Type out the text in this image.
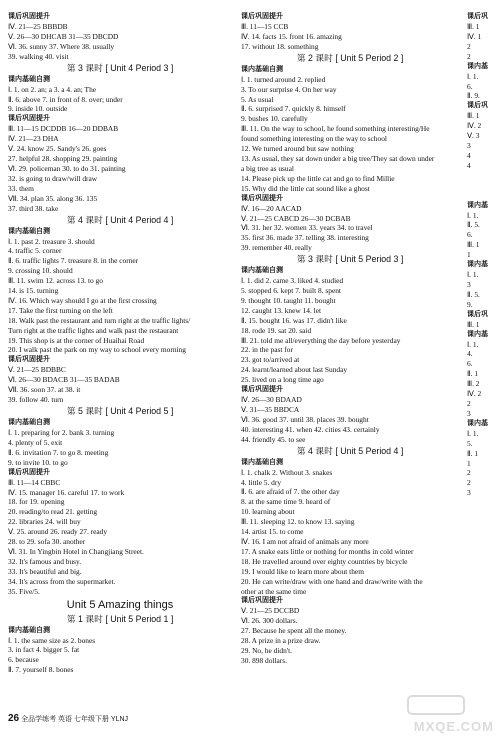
课后巩固提升
Ⅳ. 21—25 BBBDB
Ⅴ. 26—30 DHCAB 31—35 DBCDD
Ⅵ. 36. sunny 37. Where 38. usually
39. walking 40. visit
第 3 课时 [ Unit 4 Period 3 ]
课内基础自测
Ⅰ. 1. on 2. an; a 3. a 4. an; The
Ⅱ. 6. above 7. in front of 8. over; under
9. inside 10. outside
课后巩固提升
Ⅲ. 11—15 DCDDB 16—20 DDBAB
Ⅳ. 21—23 DHA
Ⅴ. 24. know 25. Sandy's 26. goes
27. helpful 28. shopping 29. painting
Ⅵ. 29. policeman 30. to do 31. painting
32. is going to draw/will draw
33. them
Ⅶ. 34. plan 35. along 36. 135
37. third 38. take
第 4 课时 [ Unit 4 Period 4 ]
课内基础自测
Ⅰ. 1. past 2. treasure 3. should
4. traffic 5. corner
Ⅱ. 6. traffic lights 7. treasure 8. in the corner
9. crossing 10. should
Ⅲ. 11. swim 12. across 13. to go
14. is 15. turning
Ⅳ. 16. Which way should I go at the first crossing
17. Take the first turning on the left
18. Walk past the restaurant and turn right at the traffic lights/
Turn right at the traffic lights and walk past the restaurant
19. This shop is at the corner of Huaihai Road
20. I walk past the park on my way to school every morning
课后巩固提升
Ⅴ. 21—25 BDBBC
Ⅵ. 26—30 BDACB 31—35 BADAB
Ⅶ. 36. soon 37. at 38. it
39. follow 40. turn
第 5 课时 [ Unit 4 Period 5 ]
课内基础自测
Ⅰ. 1. preparing for 2. bank 3. turning
4. plenty of 5. exit
Ⅱ. 6. invitation 7. to go 8. meeting
9. to invite 10. to go
课后巩固提升
Ⅲ. 11—14 CBBC
Ⅳ. 15. manager 16. careful 17. to work
18. for 19. opening
20. reading/to read 21. getting
22. libraries 24. will buy
Ⅴ. 25. around 26. ready 27. ready
28. to 29. sofa 30. another
Ⅵ. 31. In Yingbin Hotel in Changjiang Street.
32. It's famous and busy.
33. It's beautiful and big.
34. It's across from the supermarket.
35. Five/5.
Unit 5 Amazing things
第 1 课时 [ Unit 5 Period 1 ]
课内基础自测
Ⅰ. 1. the same size as 2. bones
3. in fact 4. bigger 5. fat
6. because
Ⅱ. 7. yourself 8. bones
课后巩固提升
Ⅲ. 11—15 CCB
Ⅳ. 14. facts 15. front 16. amazing
17. without 18. something
第 2 课时 [ Unit 5 Period 2 ]
课内基础自测
Ⅰ. 1. turned around 2. replied
3. To our surprise 4. On her way
5. As usual
Ⅱ. 6. surprised 7. quickly 8. himself
9. bushes 10. carefully
Ⅲ. 11. On the way to school, he found something interesting/He
found something interesting on the way to school
12. We turned around but saw nothing
13. As usual, they sat down under a big tree/They sat down under
a big tree as usual
14. Please pick up the little cat and go to find Millie
15. Why did the little cat sound like a ghost
课后巩固提升
Ⅳ. 16—20 AACAD
Ⅴ. 21—25 CABCD 26—30 DCBAB
Ⅵ. 31. her 32. women 33. years 34. to travel
35. first 36. made 37. telling 38. interesting
39. remember 40. really
第 3 课时 [ Unit 5 Period 3 ]
课内基础自测
Ⅰ. 1. did 2. came 3. liked 4. studied
5. stopped 6. kept 7. built 8. spent
9. thought 10. taught 11. bought
12. caught 13. knew 14. let
Ⅱ. 15. bought 16. was 17. didn't like
18. rode 19. sat 20. said
Ⅲ. 21. told me all/everything the day before yesterday
22. in the past for
23. got to/arrived at
24. learnt/learned about last Sunday
25. lived on a long time ago
课后巩固提升
Ⅳ. 26—30 BDAAD
Ⅴ. 31—35 BBDCA
Ⅵ. 36. good 37. until 38. places 39. bought
40. interesting 41. when 42. cities 43. certainly
44. friendly 45. to see
第 4 课时 [ Unit 5 Period 4 ]
课内基础自测
Ⅰ. 1. chalk 2. Without 3. snakes
4. little 5. dry
Ⅱ. 6. are afraid of 7. the other day
8. at the same time 9. heard of
10. learning about
Ⅲ. 11. sleeping 12. to know 13. saying
14. artist 15. to come
Ⅳ. 16. I am not afraid of animals any more
17. A snake eats little or nothing for months in cold winter
18. He travelled around over eighty countries by bicycle
19. I would like to learn more about them
20. He can write/draw with one hand and draw/write with the
other at the same time
课后巩固提升
Ⅴ. 21—25 DCCBD
Ⅵ. 26. 300 dollars.
27. Because he spent all the money.
28. A prize in a prize draw.
29. No, he didn't.
30. 898 dollars.
课后巩
Ⅲ. 1
Ⅳ. 1
2
2
课内基
Ⅰ. 1.
6.
Ⅱ. 9.
课后巩
Ⅲ. 1
Ⅳ. 2
Ⅴ. 3
3
4
4

课内基
Ⅰ. 1.
Ⅱ. 5.
6.
Ⅲ. 1
1
课内基
Ⅰ. 1.
3
Ⅱ. 5.
9.
课后巩
Ⅲ. 1
课内基
Ⅰ. 1.
4.
6.
Ⅱ. 1
Ⅲ. 2
Ⅳ. 2
2
3
课内基
Ⅰ. 1.
5.
Ⅱ. 1
1
2
2
3
26 全品学练考 英语 七年级下册 YLNJ	MXQE.COM
